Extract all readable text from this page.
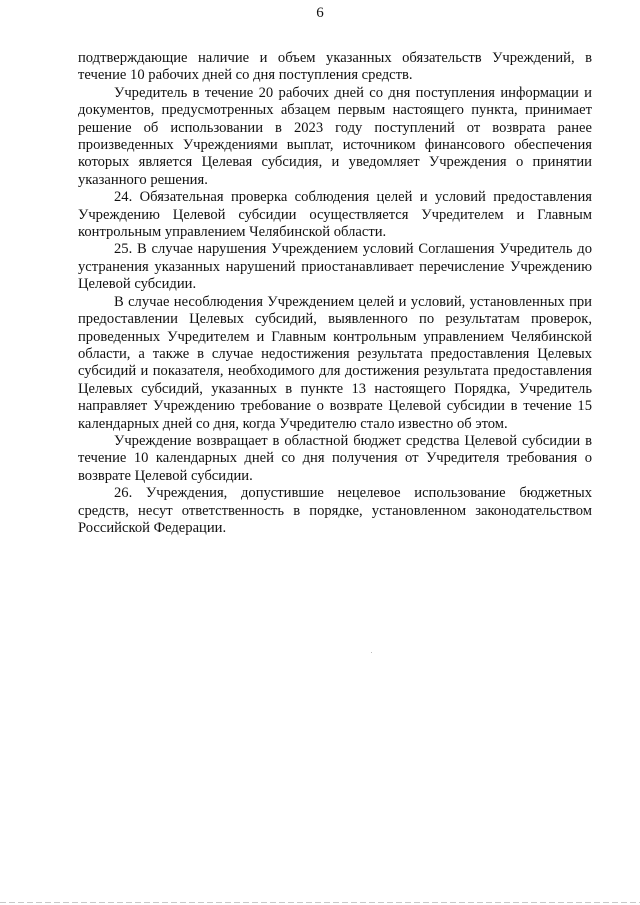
6

подтверждающие наличие и объем указанных обязательств Учреждений, в течение 10 рабочих дней со дня поступления средств.

Учредитель в течение 20 рабочих дней со дня поступления информации и документов, предусмотренных абзацем первым настоящего пункта, принимает решение об использовании в 2023 году поступлений от возврата ранее произведенных Учреждениями выплат, источником финансового обеспечения которых является Целевая субсидия, и уведомляет Учреждения о принятии указанного решения.

24. Обязательная проверка соблюдения целей и условий предоставления Учреждению Целевой субсидии осуществляется Учредителем и Главным контрольным управлением Челябинской области.

25. В случае нарушения Учреждением условий Соглашения Учредитель до устранения указанных нарушений приостанавливает перечисление Учреждению Целевой субсидии.

В случае несоблюдения Учреждением целей и условий, установленных при предоставлении Целевых субсидий, выявленного по результатам проверок, проведенных Учредителем и Главным контрольным управлением Челябинской области, а также в случае недостижения результата предоставления Целевых субсидий и показателя, необходимого для достижения результата предоставления Целевых субсидий, указанных в пункте 13 настоящего Порядка, Учредитель направляет Учреждению требование о возврате Целевой субсидии в течение 15 календарных дней со дня, когда Учредителю стало известно об этом.

Учреждение возвращает в областной бюджет средства Целевой субсидии в течение 10 календарных дней со дня получения от Учредителя требования о возврате Целевой субсидии.

26. Учреждения, допустившие нецелевое использование бюджетных средств, несут ответственность в порядке, установленном законодательством Российской Федерации.
